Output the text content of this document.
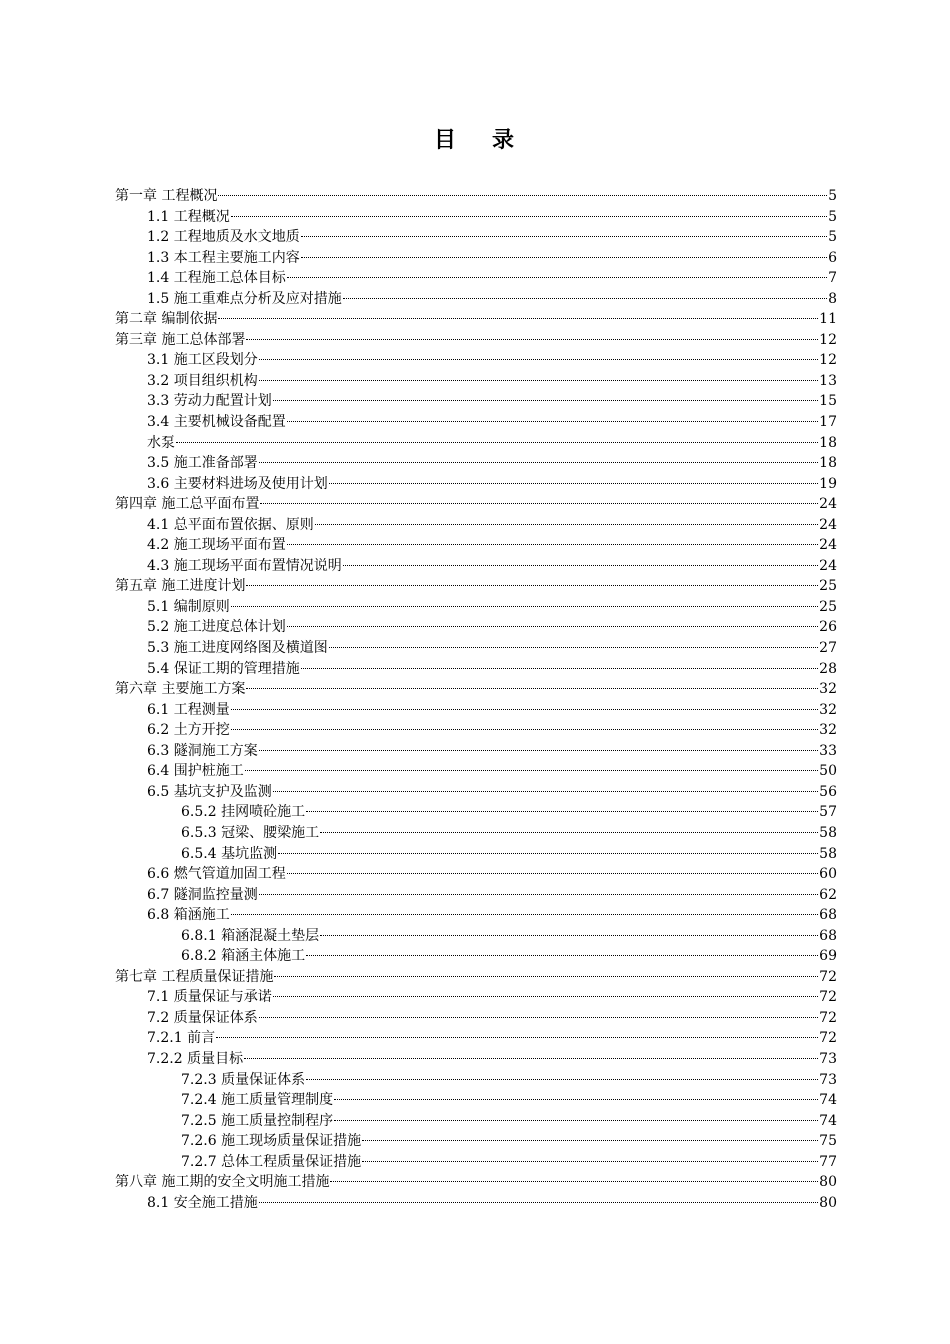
目 录
第一章 工程概况	5
1.1 工程概况	5
1.2 工程地质及水文地质	5
1.3 本工程主要施工内容	6
1.4 工程施工总体目标	7
1.5 施工重难点分析及应对措施	8
第二章 编制依据	11
第三章 施工总体部署	12
3.1 施工区段划分	12
3.2 项目组织机构	13
3.3 劳动力配置计划	15
3.4 主要机械设备配置	17
水泵	18
3.5 施工准备部署	18
3.6 主要材料进场及使用计划	19
第四章 施工总平面布置	24
4.1 总平面布置依据、原则	24
4.2 施工现场平面布置	24
4.3 施工现场平面布置情况说明	24
第五章 施工进度计划	25
5.1 编制原则	25
5.2 施工进度总体计划	26
5.3 施工进度网络图及横道图	27
5.4 保证工期的管理措施	28
第六章 主要施工方案	32
6.1 工程测量	32
6.2 土方开挖	32
6.3 隧洞施工方案	33
6.4 围护桩施工	50
6.5 基坑支护及监测	56
6.5.2 挂网喷砼施工	57
6.5.3 冠梁、腰梁施工	58
6.5.4 基坑监测	58
6.6 燃气管道加固工程	60
6.7 隧洞监控量测	62
6.8 箱涵施工	68
6.8.1 箱涵混凝土垫层	68
6.8.2 箱涵主体施工	69
第七章 工程质量保证措施	72
7.1 质量保证与承诺	72
7.2 质量保证体系	72
7.2.1 前言	72
7.2.2 质量目标	73
7.2.3 质量保证体系	73
7.2.4 施工质量管理制度	74
7.2.5 施工质量控制程序	74
7.2.6 施工现场质量保证措施	75
7.2.7 总体工程质量保证措施	77
第八章 施工期的安全文明施工措施	80
8.1 安全施工措施	80
